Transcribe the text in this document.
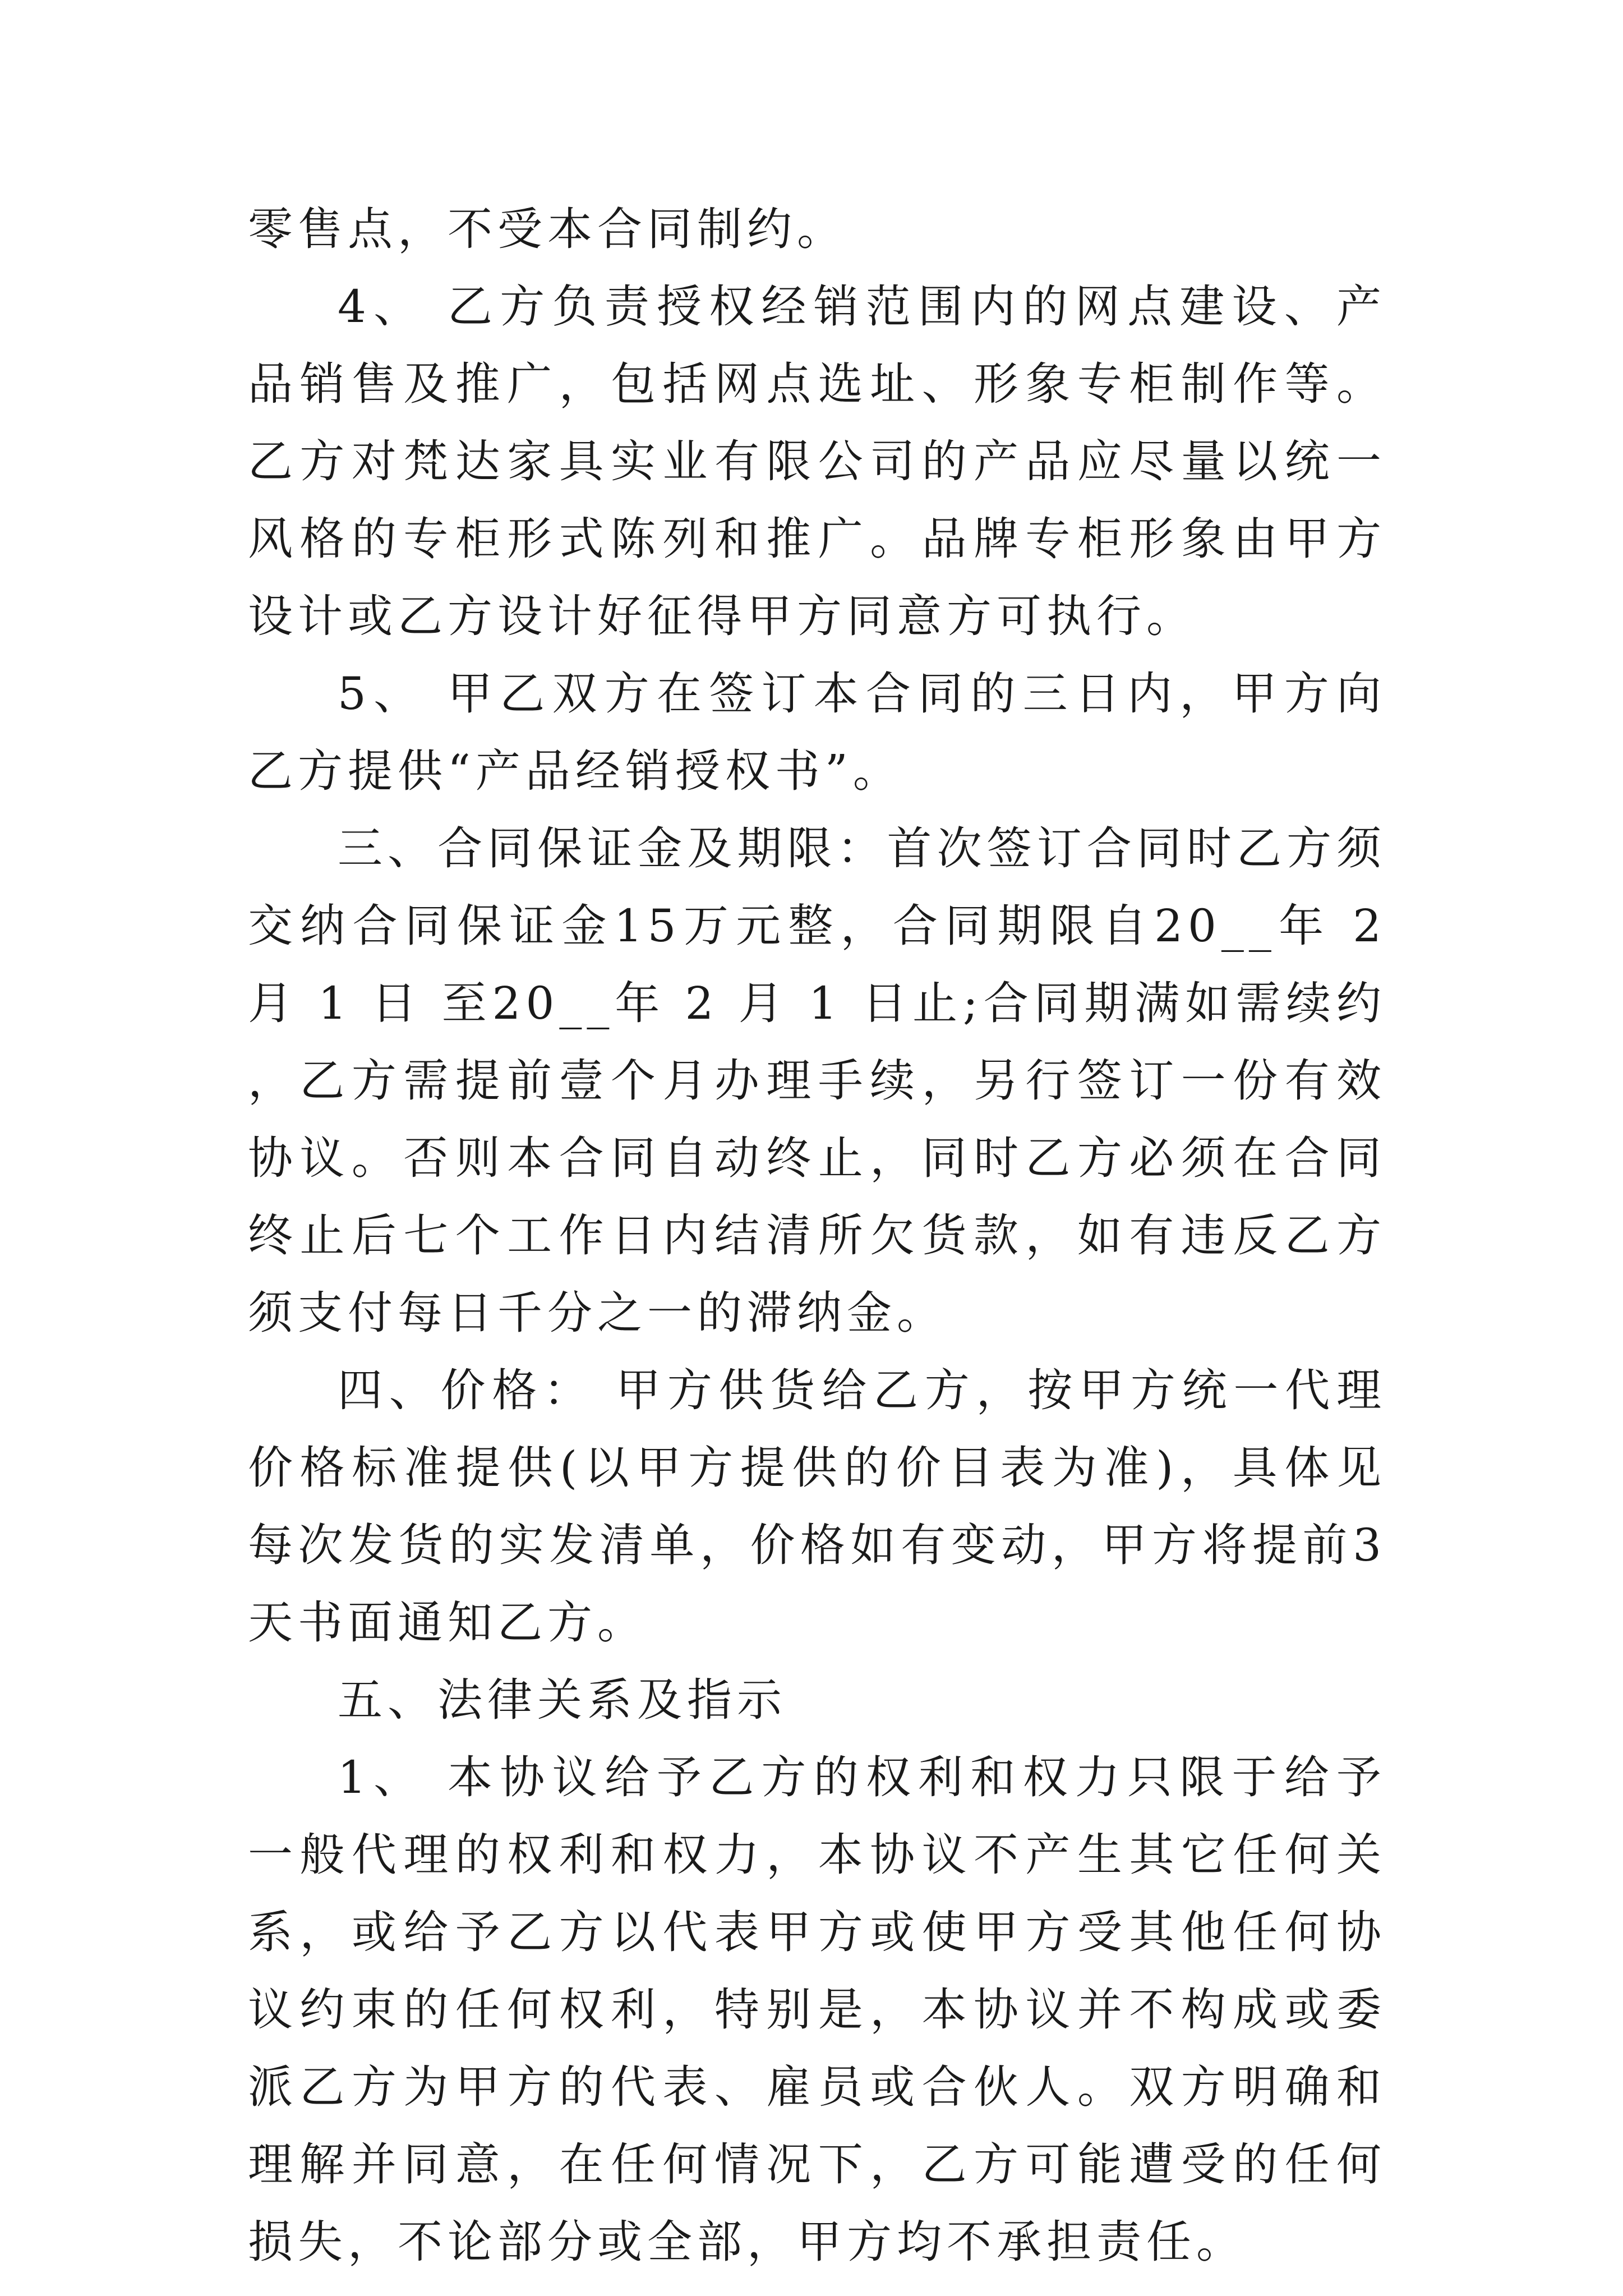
零售点，不受本合同制约。

4、 乙方负责授权经销范围内的网点建设、产品销售及推广，包括网点选址、形象专柜制作等。乙方对梵达家具实业有限公司的产品应尽量以统一风格的专柜形式陈列和推广。品牌专柜形象由甲方设计或乙方设计好征得甲方同意方可执行。

5、 甲乙双方在签订本合同的三日内，甲方向乙方提供“产品经销授权书”。

三、合同保证金及期限：首次签订合同时乙方须交纳合同保证金15万元整，合同期限自20__年 2月 1 日 至20__年 2 月 1 日止;合同期满如需续约，乙方需提前壹个月办理手续，另行签订一份有效协议。否则本合同自动终止，同时乙方必须在合同终止后七个工作日内结清所欠货款，如有违反乙方须支付每日千分之一的滞纳金。

四、价格： 甲方供货给乙方，按甲方统一代理价格标准提供(以甲方提供的价目表为准)，具体见每次发货的实发清单，价格如有变动，甲方将提前3天书面通知乙方。

五、法律关系及指示

1、 本协议给予乙方的权利和权力只限于给予一般代理的权利和权力，本协议不产生其它任何关系，或给予乙方以代表甲方或使甲方受其他任何协议约束的任何权利，特别是，本协议并不构成或委派乙方为甲方的代表、雇员或合伙人。双方明确和理解并同意，在任何情况下，乙方可能遭受的任何损失，不论部分或全部，甲方均不承担责任。
